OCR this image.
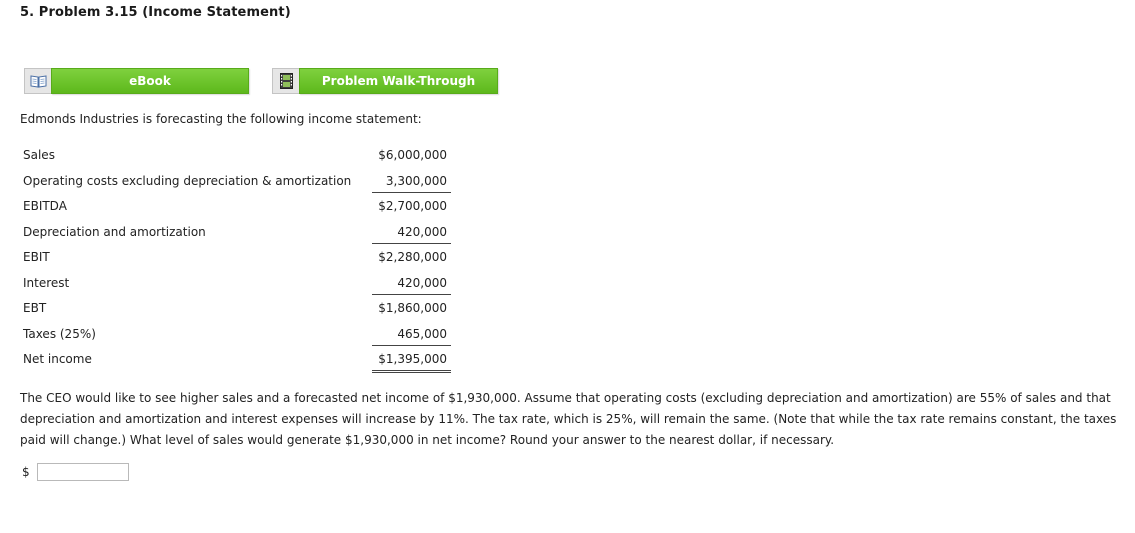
5. Problem 3.15 (Income Statement)
eBook	Problem Walk-Through
Edmonds Industries is forecasting the following income statement:
Sales	$6,000,000
Operating costs excluding depreciation & amortization	3,300,000
EBITDA	$2,700,000
Depreciation and amortization	420,000
EBIT	$2,280,000
Interest	420,000
EBT	$1,860,000
Taxes (25%)	465,000
Net income	$1,395,000
The CEO would like to see higher sales and a forecasted net income of $1,930,000. Assume that operating costs (excluding depreciation and amortization) are 55% of sales and that depreciation and amortization and interest expenses will increase by 11%. The tax rate, which is 25%, will remain the same. (Note that while the tax rate remains constant, the taxes paid will change.) What level of sales would generate $1,930,000 in net income? Round your answer to the nearest dollar, if necessary.
$
